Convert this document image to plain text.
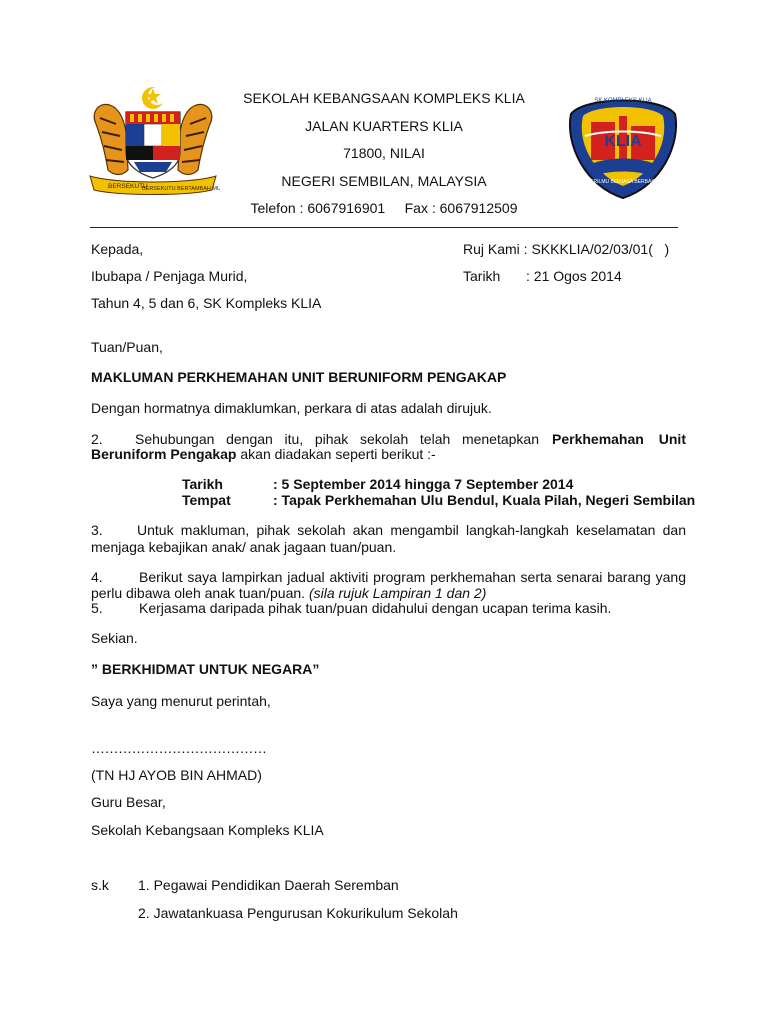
BERSEKUTU
BERSEKUTU BERTAMBAH MUTU
KLIA
SK KOMPLEKS KLIA
BERILMU BERJASA BERBAKTI
SEKOLAH KEBANGSAAN KOMPLEKS KLIA
JALAN KUARTERS KLIA
71800, NILAI
NEGERI SEMBILAN, MALAYSIA
Telefon : 6067916901     Fax : 6067912509
Kepada,	Ruj Kami : SKKKLIA/02/03/01(   )
Ibubapa / Penjaga Murid,	Tarikh : 21 Ogos 2014
Tahun 4, 5 dan 6, SK Kompleks KLIA
Tuan/Puan,
MAKLUMAN PERKHEMAHAN UNIT BERUNIFORM PENGAKAP
Dengan hormatnya dimaklumkan, perkara di atas adalah dirujuk.
2. Sehubungan dengan itu, pihak sekolah telah menetapkan Perkhemahan Unit
Beruniform Pengakap akan diadakan seperti berikut :-
Tarikh	: 5 September 2014 hingga 7 September 2014
Tempat	: Tapak Perkhemahan Ulu Bendul, Kuala Pilah, Negeri Sembilan
3. Untuk makluman, pihak sekolah akan mengambil langkah-langkah keselamatan dan
menjaga kebajikan anak/ anak jagaan tuan/puan.
4.	Berikut saya lampirkan jadual aktiviti program perkhemahan serta senarai barang yang
perlu dibawa oleh anak tuan/puan. (sila rujuk Lampiran 1 dan 2)
5.	Kerjasama daripada pihak tuan/puan didahului dengan ucapan terima kasih.
Sekian.
” BERKHIDMAT UNTUK NEGARA”
Saya yang menurut perintah,
…………………………………
(TN HJ AYOB BIN AHMAD)
Guru Besar,
Sekolah Kebangsaan Kompleks KLIA
s.k 1. Pegawai Pendidikan Daerah Seremban
2. Jawatankuasa Pengurusan Kokurikulum Sekolah
